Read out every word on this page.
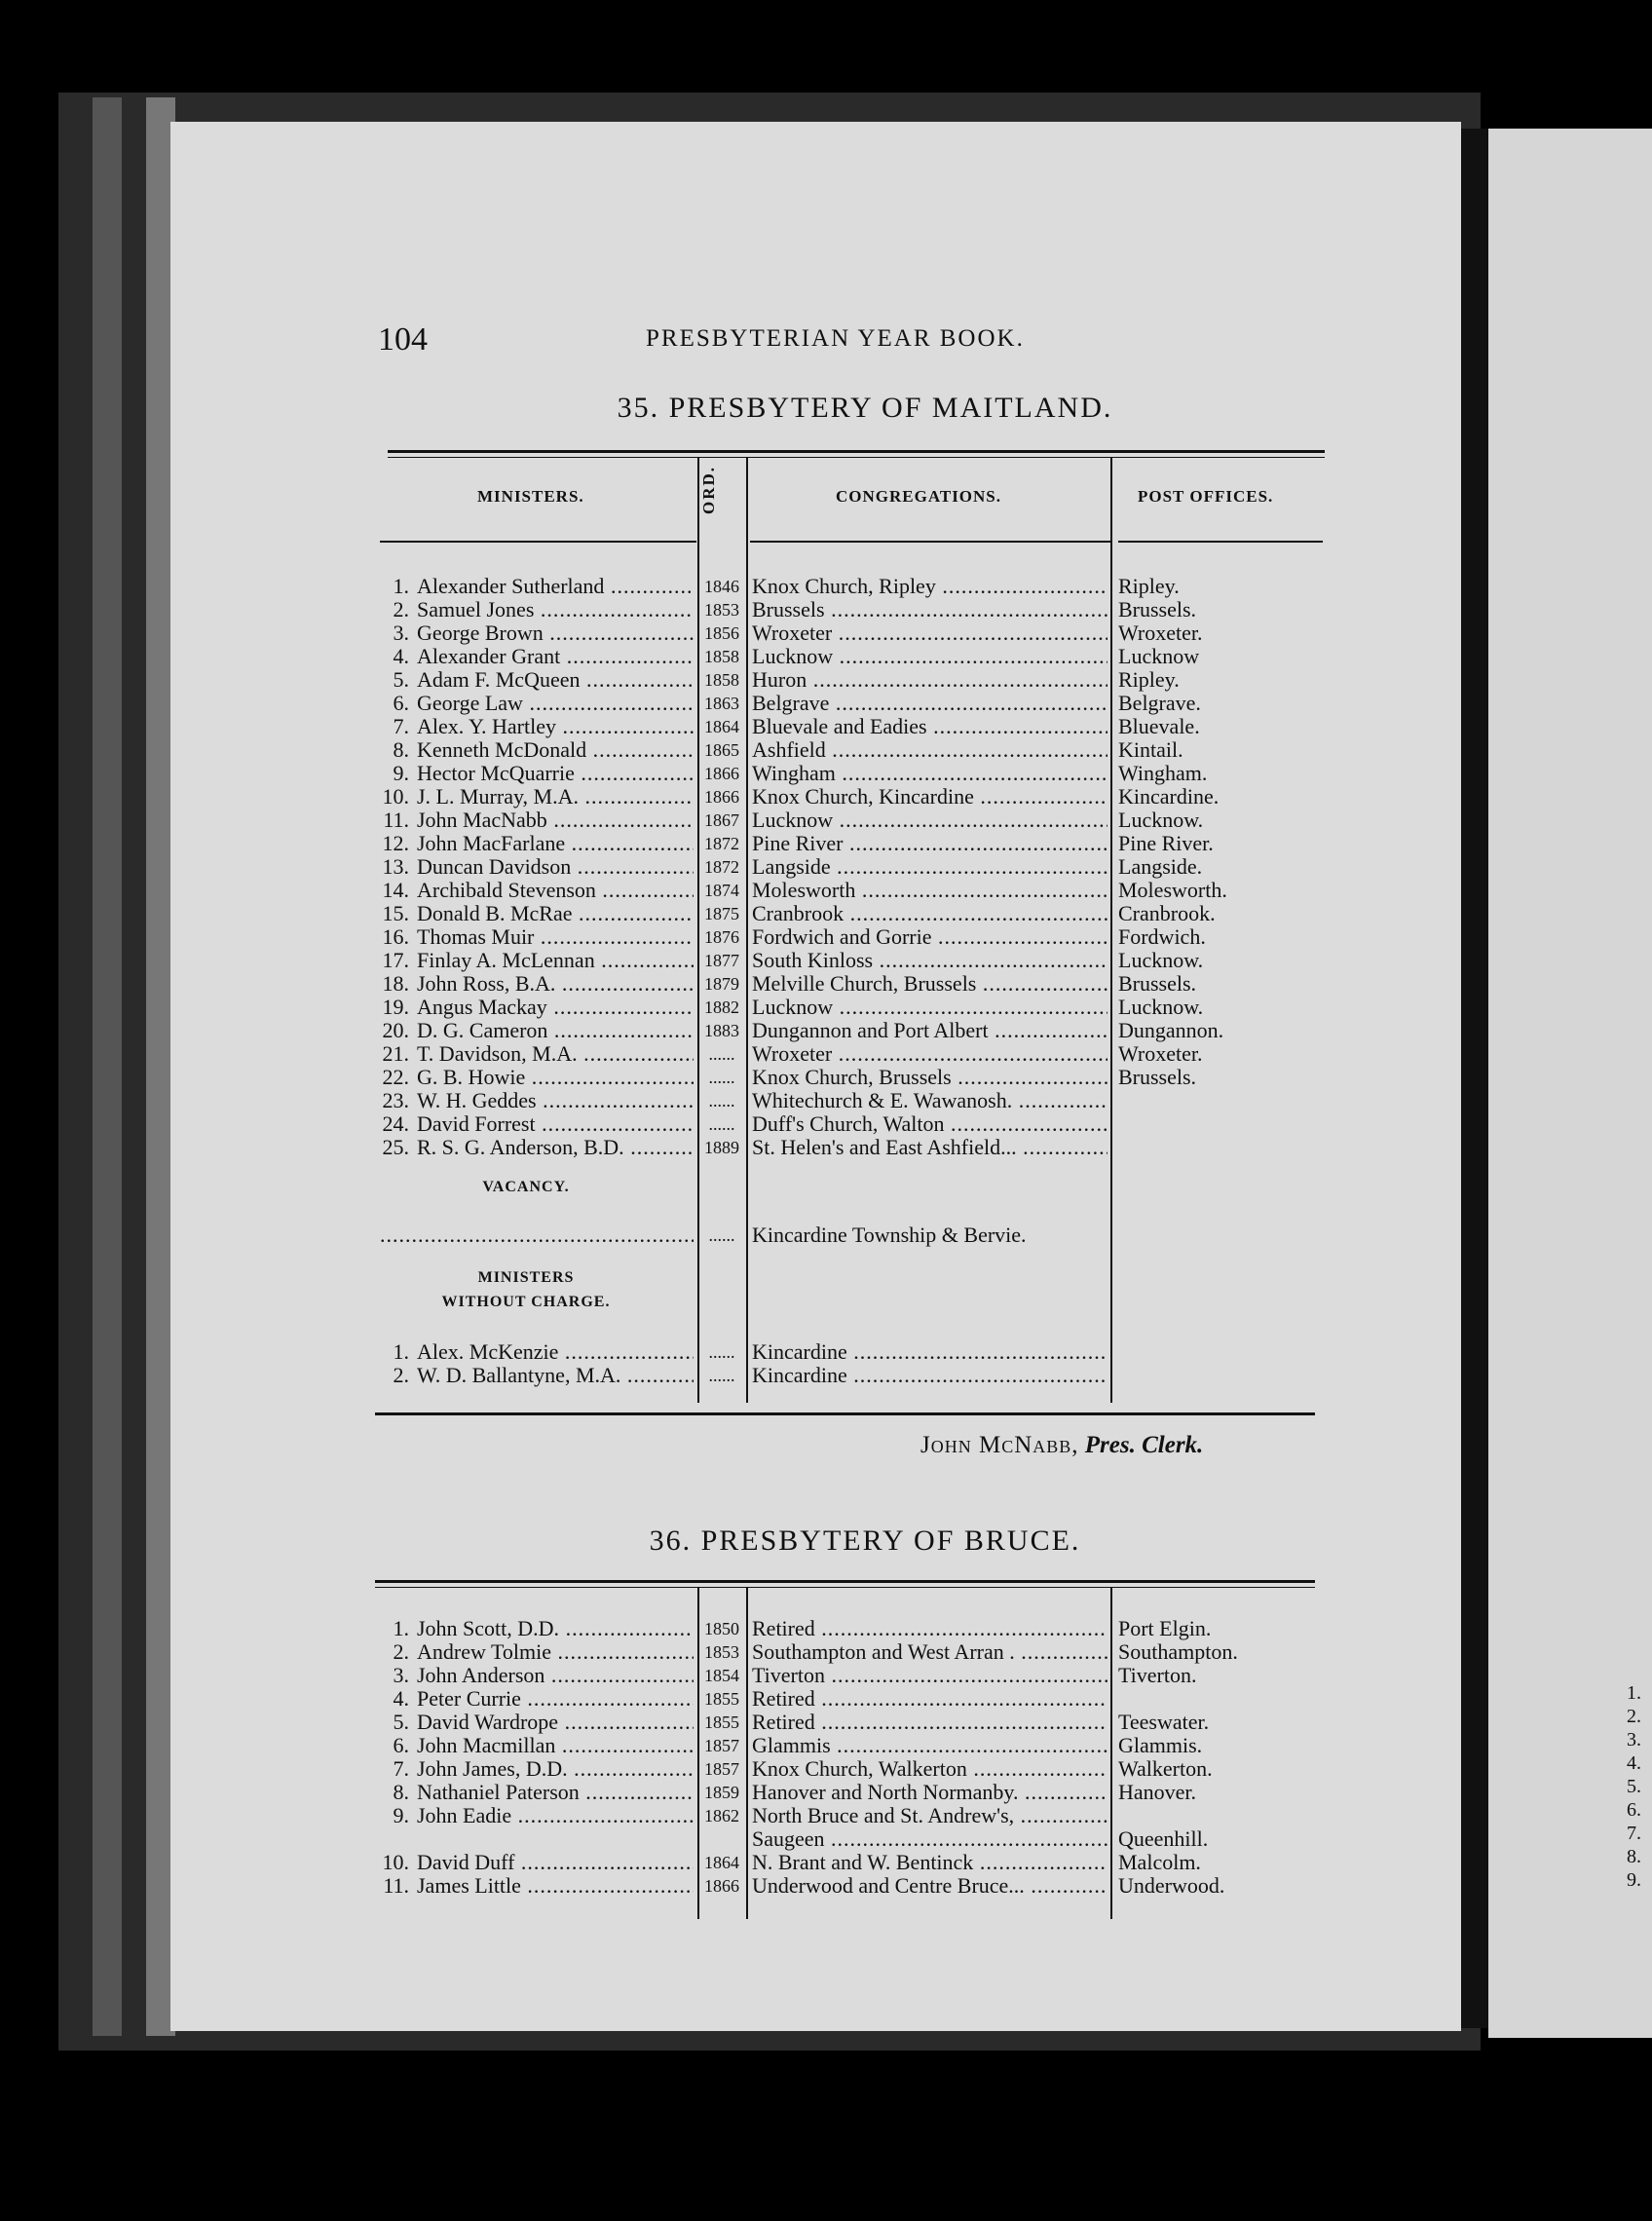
1.
2.
3.
4.
5.
6.
7.
8.
9.
104	PRESBYTERIAN YEAR BOOK.
35. PRESBYTERY OF MAITLAND.
MINISTERS.	ORD.	CONGREGATIONS.	POST OFFICES.
1. Alexander Sutherland .....	1846 Knox Church, Ripley .....	Ripley.
2. Samuel Jones .....	1853 Brussels .....	Brussels.
3. George Brown .....	1856 Wroxeter .....	Wroxeter.
4. Alexander Grant .....	1858 Lucknow .....	Lucknow
5. Adam F. McQueen .....	1858 Huron .....	Ripley.
6. George Law .....	1863 Belgrave .....	Belgrave.
7. Alex. Y. Hartley .....	1864 Bluevale and Eadies .....	Bluevale.
8. Kenneth McDonald .....	1865 Ashfield .....	Kintail.
9. Hector McQuarrie .....	1866 Wingham .....	Wingham.
10. J. L. Murray, M.A. .....	1866 Knox Church, Kincardine .....	Kincardine.
11. John MacNabb .....	1867 Lucknow .....	Lucknow.
12. John MacFarlane .....	1872 Pine River .....	Pine River.
13. Duncan Davidson .....	1872 Langside .....	Langside.
14. Archibald Stevenson .....	1874 Molesworth .....	Molesworth.
15. Donald B. McRae .....	1875 Cranbrook .....	Cranbrook.
16. Thomas Muir .....	1876 Fordwich and Gorrie .....	Fordwich.
17. Finlay A. McLennan .....	1877 South Kinloss .....	Lucknow.
18. John Ross, B.A. .....	1879 Melville Church, Brussels .....	Brussels.
19. Angus Mackay .....	1882 Lucknow .....	Lucknow.
20. D. G. Cameron .....	1883 Dungannon and Port Albert .....	Dungannon.
21. T. Davidson, M.A. .....	...... Wroxeter .....	Wroxeter.
22. G. B. Howie .....	...... Knox Church, Brussels .....	Brussels.
23. W. H. Geddes .....	...... Whitechurch & E. Wawanosh. .....
24. David Forrest .....	...... Duff's Church, Walton .....
25. R. S. G. Anderson, B.D. .....	1889 St. Helen's and East Ashfield... .....
VACANCY.
.....
...... Kincardine Township & Bervie.
MINISTERS
WITHOUT CHARGE.
1. Alex. McKenzie .....	...... Kincardine .....
2. W. D. Ballantyne, M.A. .....	...... Kincardine .....
John McNabb, Pres. Clerk.
36. PRESBYTERY OF BRUCE.
1. John Scott, D.D. .....	1850 Retired .....	Port Elgin.
2. Andrew Tolmie .....	1853 Southampton and West Arran . .....	Southampton.
3. John Anderson .....	1854 Tiverton .....	Tiverton.
4. Peter Currie .....	1855 Retired .....
5. David Wardrope .....	1855 Retired .....	Teeswater.
6. John Macmillan .....	1857 Glammis .....	Glammis.
7. John James, D.D. .....	1857 Knox Church, Walkerton .....	Walkerton.
8. Nathaniel Paterson .....	1859 Hanover and North Normanby. .....	Hanover.
9. John Eadie .....	1862 North Bruce and St. Andrew's, .....
Saugeen .....	Queenhill.
10. David Duff .....	1864 N. Brant and W. Bentinck .....	Malcolm.
11. James Little .....	1866 Underwood and Centre Bruce... .....	Underwood.
